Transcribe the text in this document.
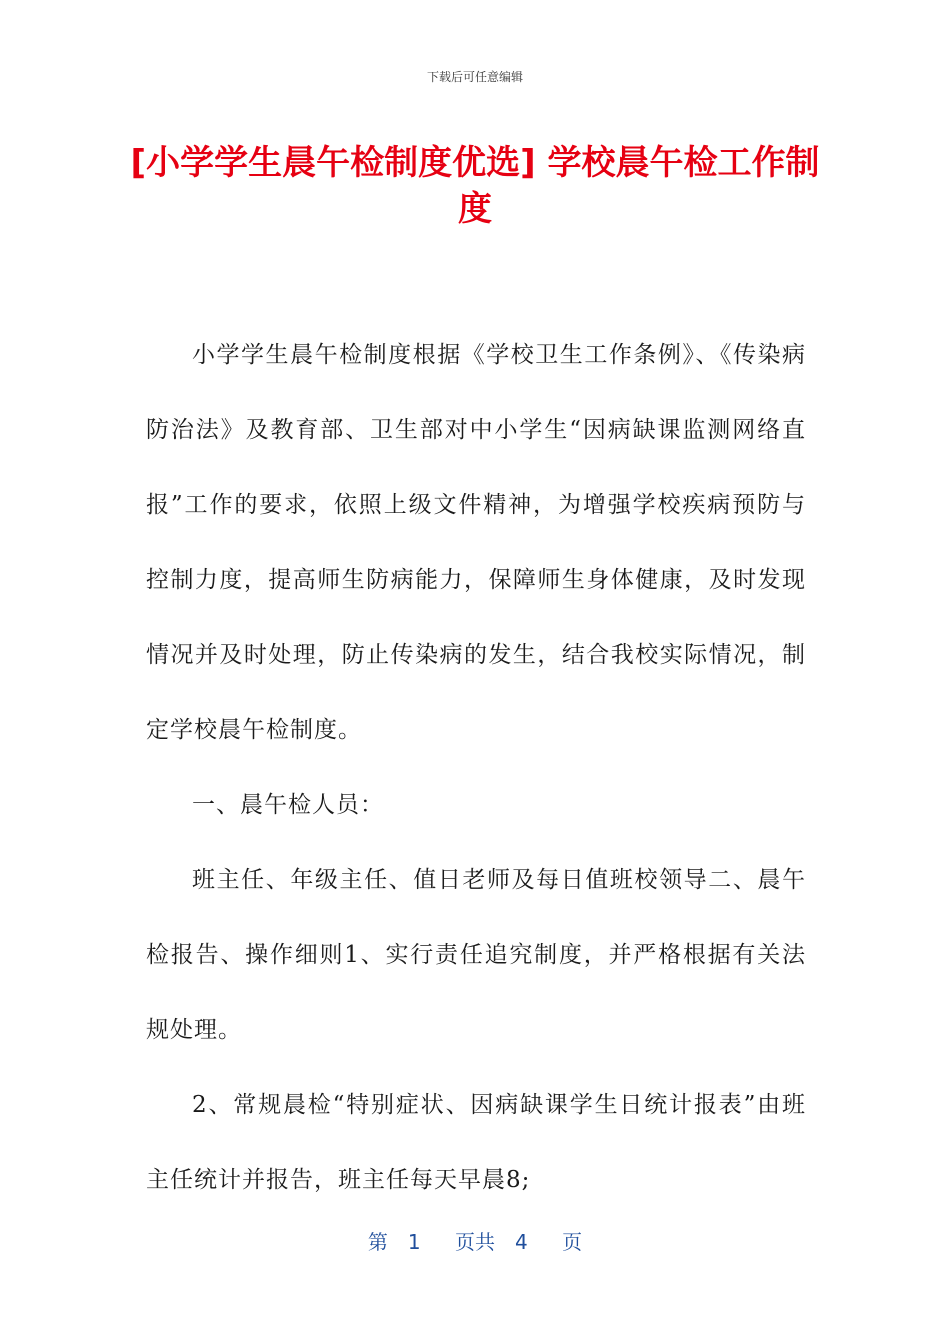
下载后可任意编辑
[小学学生晨午检制度优选] 学校晨午检工作制度

小学学生晨午检制度根据《学校卫生工作条例》、《传染病防治法》及教育部、卫生部对中小学生“因病缺课监测网络直报”工作的要求，依照上级文件精神，为增强学校疾病预防与控制力度，提高师生防病能力，保障师生身体健康，及时发现情况并及时处理，防止传染病的发生，结合我校实际情况，制定学校晨午检制度。

一、晨午检人员：

班主任、年级主任、值日老师及每日值班校领导二、晨午检报告、操作细则1、实行责任追究制度，并严格根据有关法规处理。

2、常规晨检“特别症状、因病缺课学生日统计报表”由班主任统计并报告，班主任每天早晨8;

第　1　 页共　4　 页
